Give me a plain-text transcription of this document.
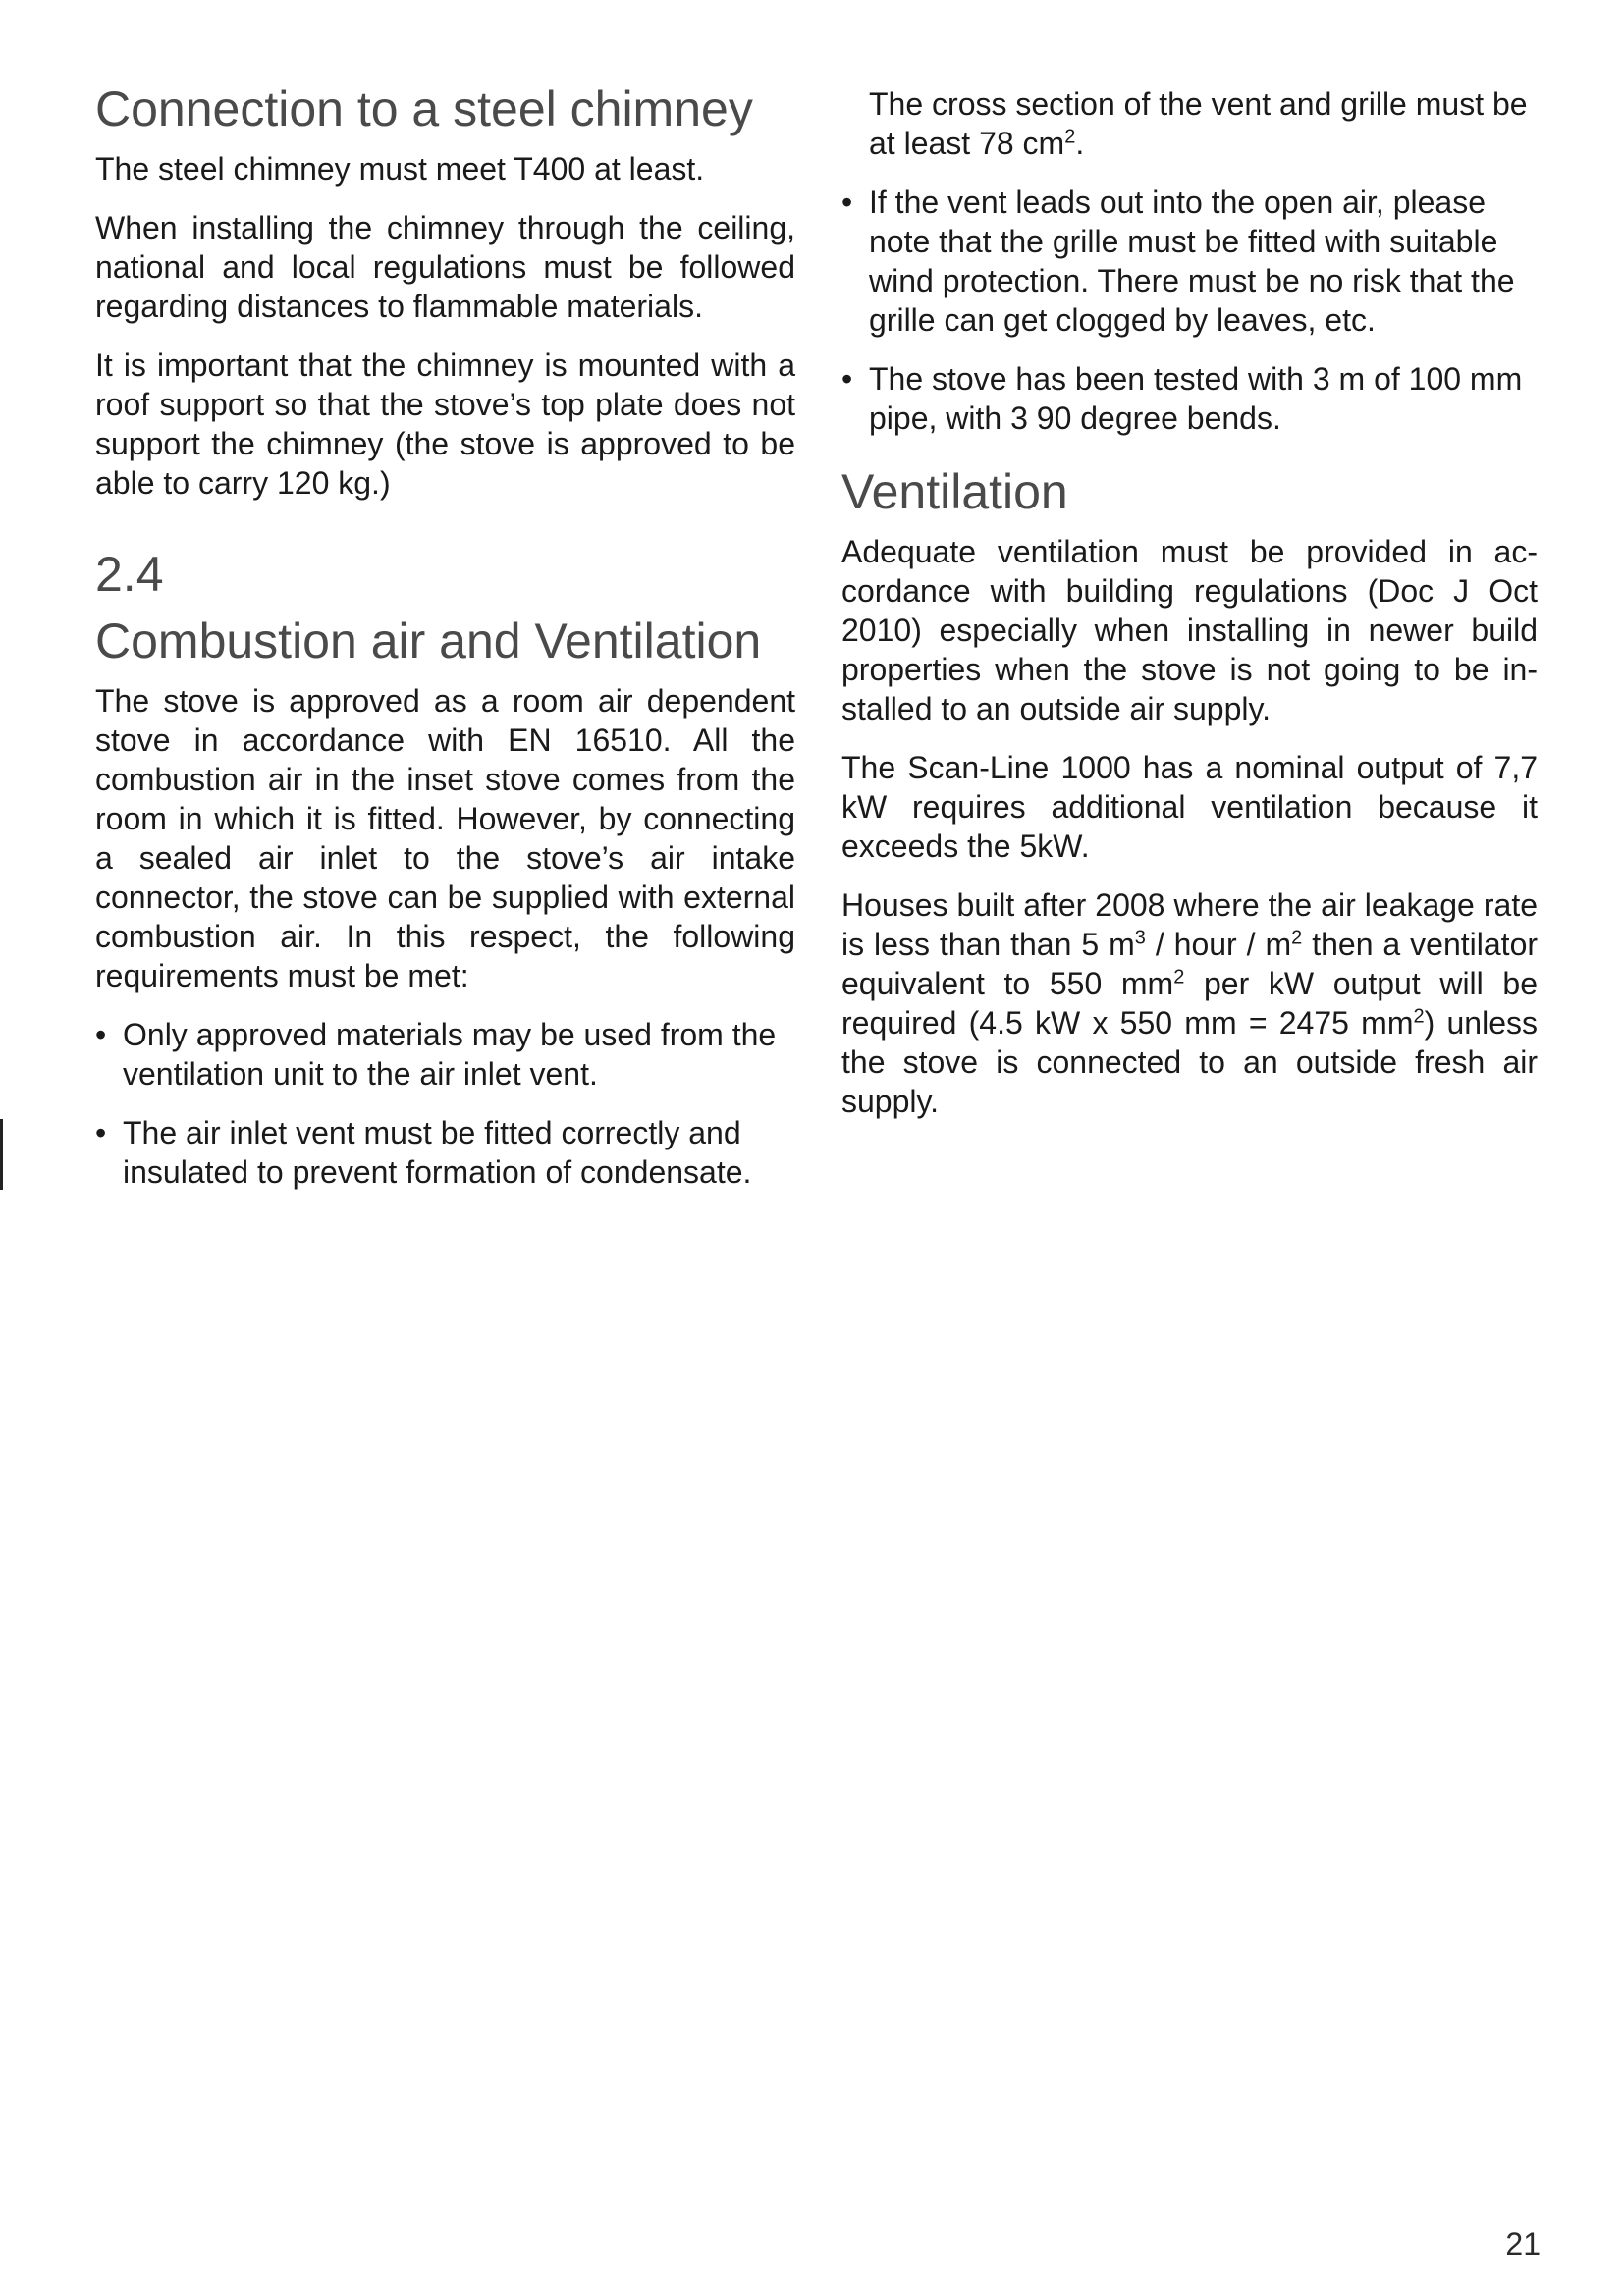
Connection to a steel chimney

The steel chimney must meet T400 at least.

When installing the chimney through the ceiling, national and local regulations must be followed regarding distances to flammable materials.

It is important that the chimney is mounted with a roof support so that the stove’s top plate does not support the chimney (the stove is approved to be able to carry 120 kg.)

2.4
Combustion air and Ventilation

The stove is approved as a room air dependent stove in accordance with EN 16510. All the combustion air in the inset stove comes from the room in which it is fitted. However, by connecting a sealed air inlet to the stove’s air intake connector, the stove can be supplied with external combustion air. In this respect, the following requirements must be met:

• Only approved materials may be used from the ventilation unit to the air inlet vent.
• The air inlet vent must be fitted correctly and insulated to prevent formation of condensate.
The cross section of the vent and grille must be at least 78 $cm^2$.
• If the vent leads out into the open air, please note that the grille must be fitted with suitable wind protection. There must be no risk that the grille can get clogged by leaves, etc.
• The stove has been tested with 3 m of 100 mm pipe, with 3 90 degree bends.
Ventilation

Adequate ventilation must be provided in accordance with building regulations (Doc J Oct 2010) especially when installing in newer build properties when the stove is not going to be installed to an outside air supply.

The Scan-Line 1000 has a nominal output of 7,7 kW requires additional ventilation because it exceeds the 5kW.

Houses built after 2008 where the air leakage rate is less than than 5 $m^3$ / hour / $m^2$ then a ventilator equivalent to 550 $mm^2$ per kW output will be required (4.5 kW x 550 mm = 2475 $mm^2$) unless the stove is connected to an outside fresh air supply.

21
